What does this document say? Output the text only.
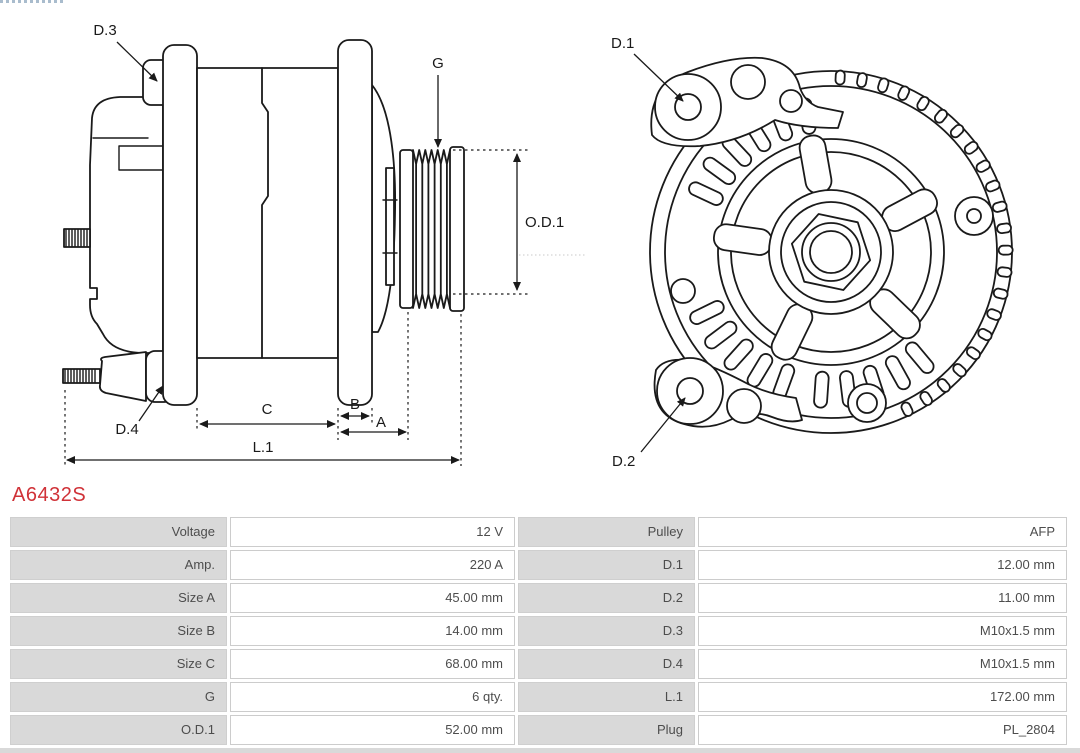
D.3
G
O.D.1
D.4
C	B
A
L.1
D.1
D.2
A6432S
Voltage	12 V	Pulley	AFP
Amp.	220 A	D.1	12.00 mm
Size A	45.00 mm	D.2	11.00 mm
Size B	14.00 mm	D.3	M10x1.5 mm
Size C	68.00 mm	D.4	M10x1.5 mm
G	6 qty.	L.1	172.00 mm
O.D.1	52.00 mm	Plug	PL_2804
